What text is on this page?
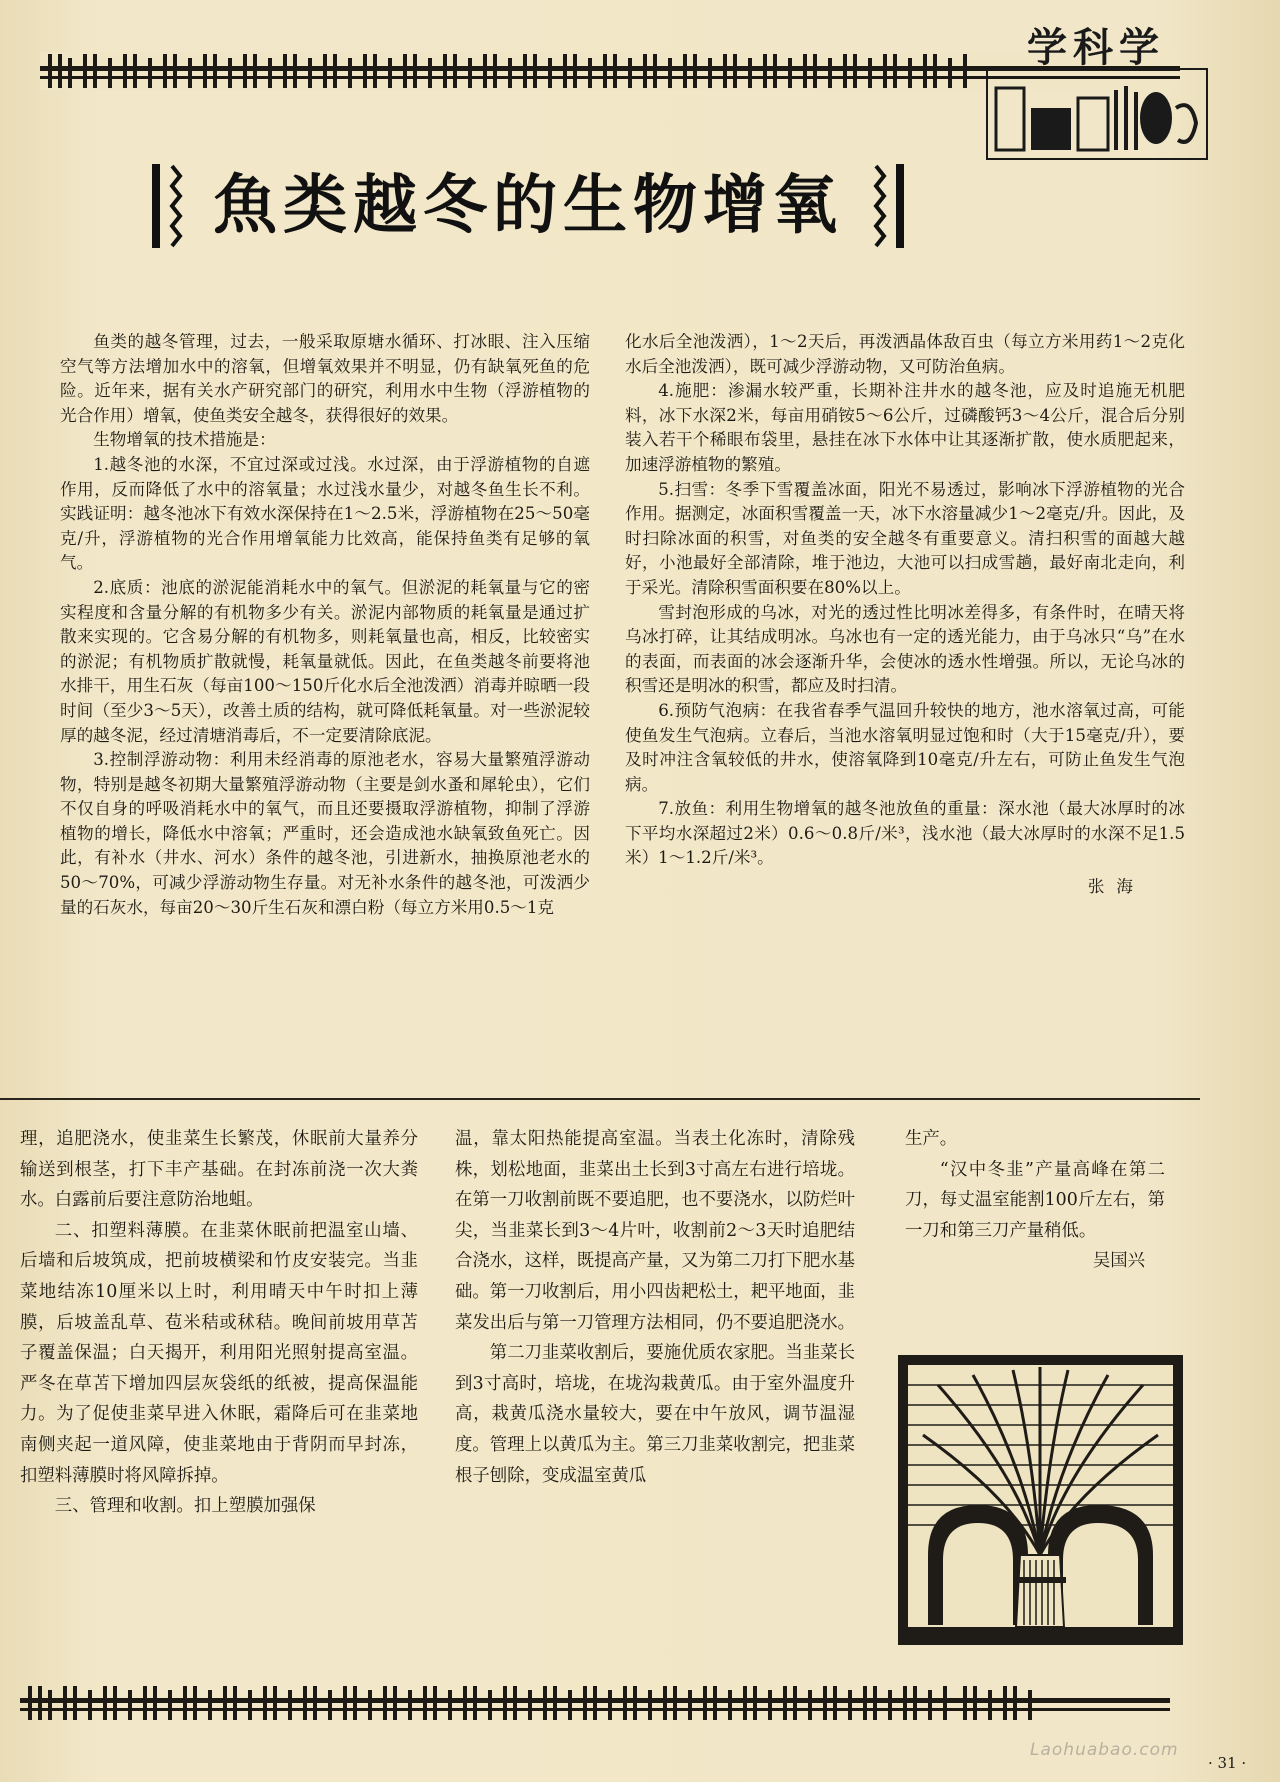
学科学
魚类越冬的生物增氧

鱼类的越冬管理，过去，一般采取原塘水循环、打冰眼、注入压缩空气等方法增加水中的溶氧，但增氧效果并不明显，仍有缺氧死鱼的危险。近年来，据有关水产研究部门的研究，利用水中生物（浮游植物的光合作用）增氧，使鱼类安全越冬，获得很好的效果。

生物增氧的技术措施是：

1.越冬池的水深，不宜过深或过浅。水过深，由于浮游植物的自遮作用，反而降低了水中的溶氧量；水过浅水量少，对越冬鱼生长不利。实践证明：越冬池冰下有效水深保持在1～2.5米，浮游植物在25～50毫克/升，浮游植物的光合作用增氧能力比效高，能保持鱼类有足够的氧气。

2.底质：池底的淤泥能消耗水中的氧气。但淤泥的耗氧量与它的密实程度和含量分解的有机物多少有关。淤泥内部物质的耗氧量是通过扩散来实现的。它含易分解的有机物多，则耗氧量也高，相反，比较密实的淤泥；有机物质扩散就慢，耗氧量就低。因此，在鱼类越冬前要将池水排干，用生石灰（每亩100～150斤化水后全池泼洒）消毒并晾晒一段时间（至少3～5天），改善土质的结构，就可降低耗氧量。对一些淤泥较厚的越冬泥，经过清塘消毒后，不一定要清除底泥。

3.控制浮游动物：利用未经消毒的原池老水，容易大量繁殖浮游动物，特别是越冬初期大量繁殖浮游动物（主要是剑水蚤和犀轮虫），它们不仅自身的呼吸消耗水中的氧气，而且还要摄取浮游植物，抑制了浮游植物的增长，降低水中溶氧；严重时，还会造成池水缺氧致鱼死亡。因此，有补水（井水、河水）条件的越冬池，引进新水，抽换原池老水的50～70%，可减少浮游动物生存量。对无补水条件的越冬池，可泼洒少量的石灰水，每亩20～30斤生石灰和漂白粉（每立方米用0.5～1克

化水后全池泼洒），1～2天后，再泼洒晶体敌百虫（每立方米用药1～2克化水后全池泼洒），既可减少浮游动物，又可防治鱼病。

4.施肥：渗漏水较严重，长期补注井水的越冬池，应及时追施无机肥料，冰下水深2米，每亩用硝铵5～6公斤，过磷酸钙3～4公斤，混合后分别装入若干个稀眼布袋里，悬挂在冰下水体中让其逐渐扩散，使水质肥起来，加速浮游植物的繁殖。

5.扫雪：冬季下雪覆盖冰面，阳光不易透过，影响冰下浮游植物的光合作用。据测定，冰面积雪覆盖一天，冰下水溶量减少1～2毫克/升。因此，及时扫除冰面的积雪，对鱼类的安全越冬有重要意义。清扫积雪的面越大越好，小池最好全部清除，堆于池边，大池可以扫成雪趟，最好南北走向，利于采光。清除积雪面积要在80%以上。

雪封泡形成的乌冰，对光的透过性比明冰差得多，有条件时，在晴天将乌冰打碎，让其结成明冰。乌冰也有一定的透光能力，由于乌冰只“乌”在水的表面，而表面的冰会逐渐升华，会使冰的透水性增强。所以，无论乌冰的积雪还是明冰的积雪，都应及时扫清。

6.预防气泡病：在我省春季气温回升较快的地方，池水溶氧过高，可能使鱼发生气泡病。立春后，当池水溶氧明显过饱和时（大于15毫克/升），要及时冲注含氧较低的井水，使溶氧降到10毫克/升左右，可防止鱼发生气泡病。

7.放鱼：利用生物增氧的越冬池放鱼的重量：深水池（最大冰厚时的冰下平均水深超过2米）0.6～0.8斤/米³，浅水池（最大冰厚时的水深不足1.5米）1～1.2斤/米³。

张海

理，追肥浇水，使韭菜生长繁茂，休眠前大量养分输送到根茎，打下丰产基础。在封冻前浇一次大粪水。白露前后要注意防治地蛆。

二、扣塑料薄膜。在韭菜休眠前把温室山墙、后墙和后坡筑成，把前坡横梁和竹皮安装完。当韭菜地结冻10厘米以上时，利用晴天中午时扣上薄膜，后坡盖乱草、苞米秸或秫秸。晚间前坡用草苫子覆盖保温；白天揭开，利用阳光照射提高室温。严冬在草苫下增加四层灰袋纸的纸被，提高保温能力。为了促使韭菜早进入休眠，霜降后可在韭菜地南侧夹起一道风障，使韭菜地由于背阴而早封冻，扣塑料薄膜时将风障拆掉。

三、管理和收割。扣上塑膜加强保

温，靠太阳热能提高室温。当表土化冻时，清除残株，划松地面，韭菜出土长到3寸高左右进行培垅。在第一刀收割前既不要追肥，也不要浇水，以防烂叶尖，当韭菜长到3～4片叶，收割前2～3天时追肥结合浇水，这样，既提高产量，又为第二刀打下肥水基础。第一刀收割后，用小四齿耙松土，耙平地面，韭菜发出后与第一刀管理方法相同，仍不要追肥浇水。

第二刀韭菜收割后，要施优质农家肥。当韭菜长到3寸高时，培垅，在垅沟栽黄瓜。由于室外温度升高，栽黄瓜浇水量较大，要在中午放风，调节温湿度。管理上以黄瓜为主。第三刀韭菜收割完，把韭菜根子刨除，变成温室黄瓜

生产。

“汉中冬韭”产量高峰在第二刀，每丈温室能割100斤左右，第一刀和第三刀产量稍低。

吴国兴
Laohuabao.com
· 31 ·
